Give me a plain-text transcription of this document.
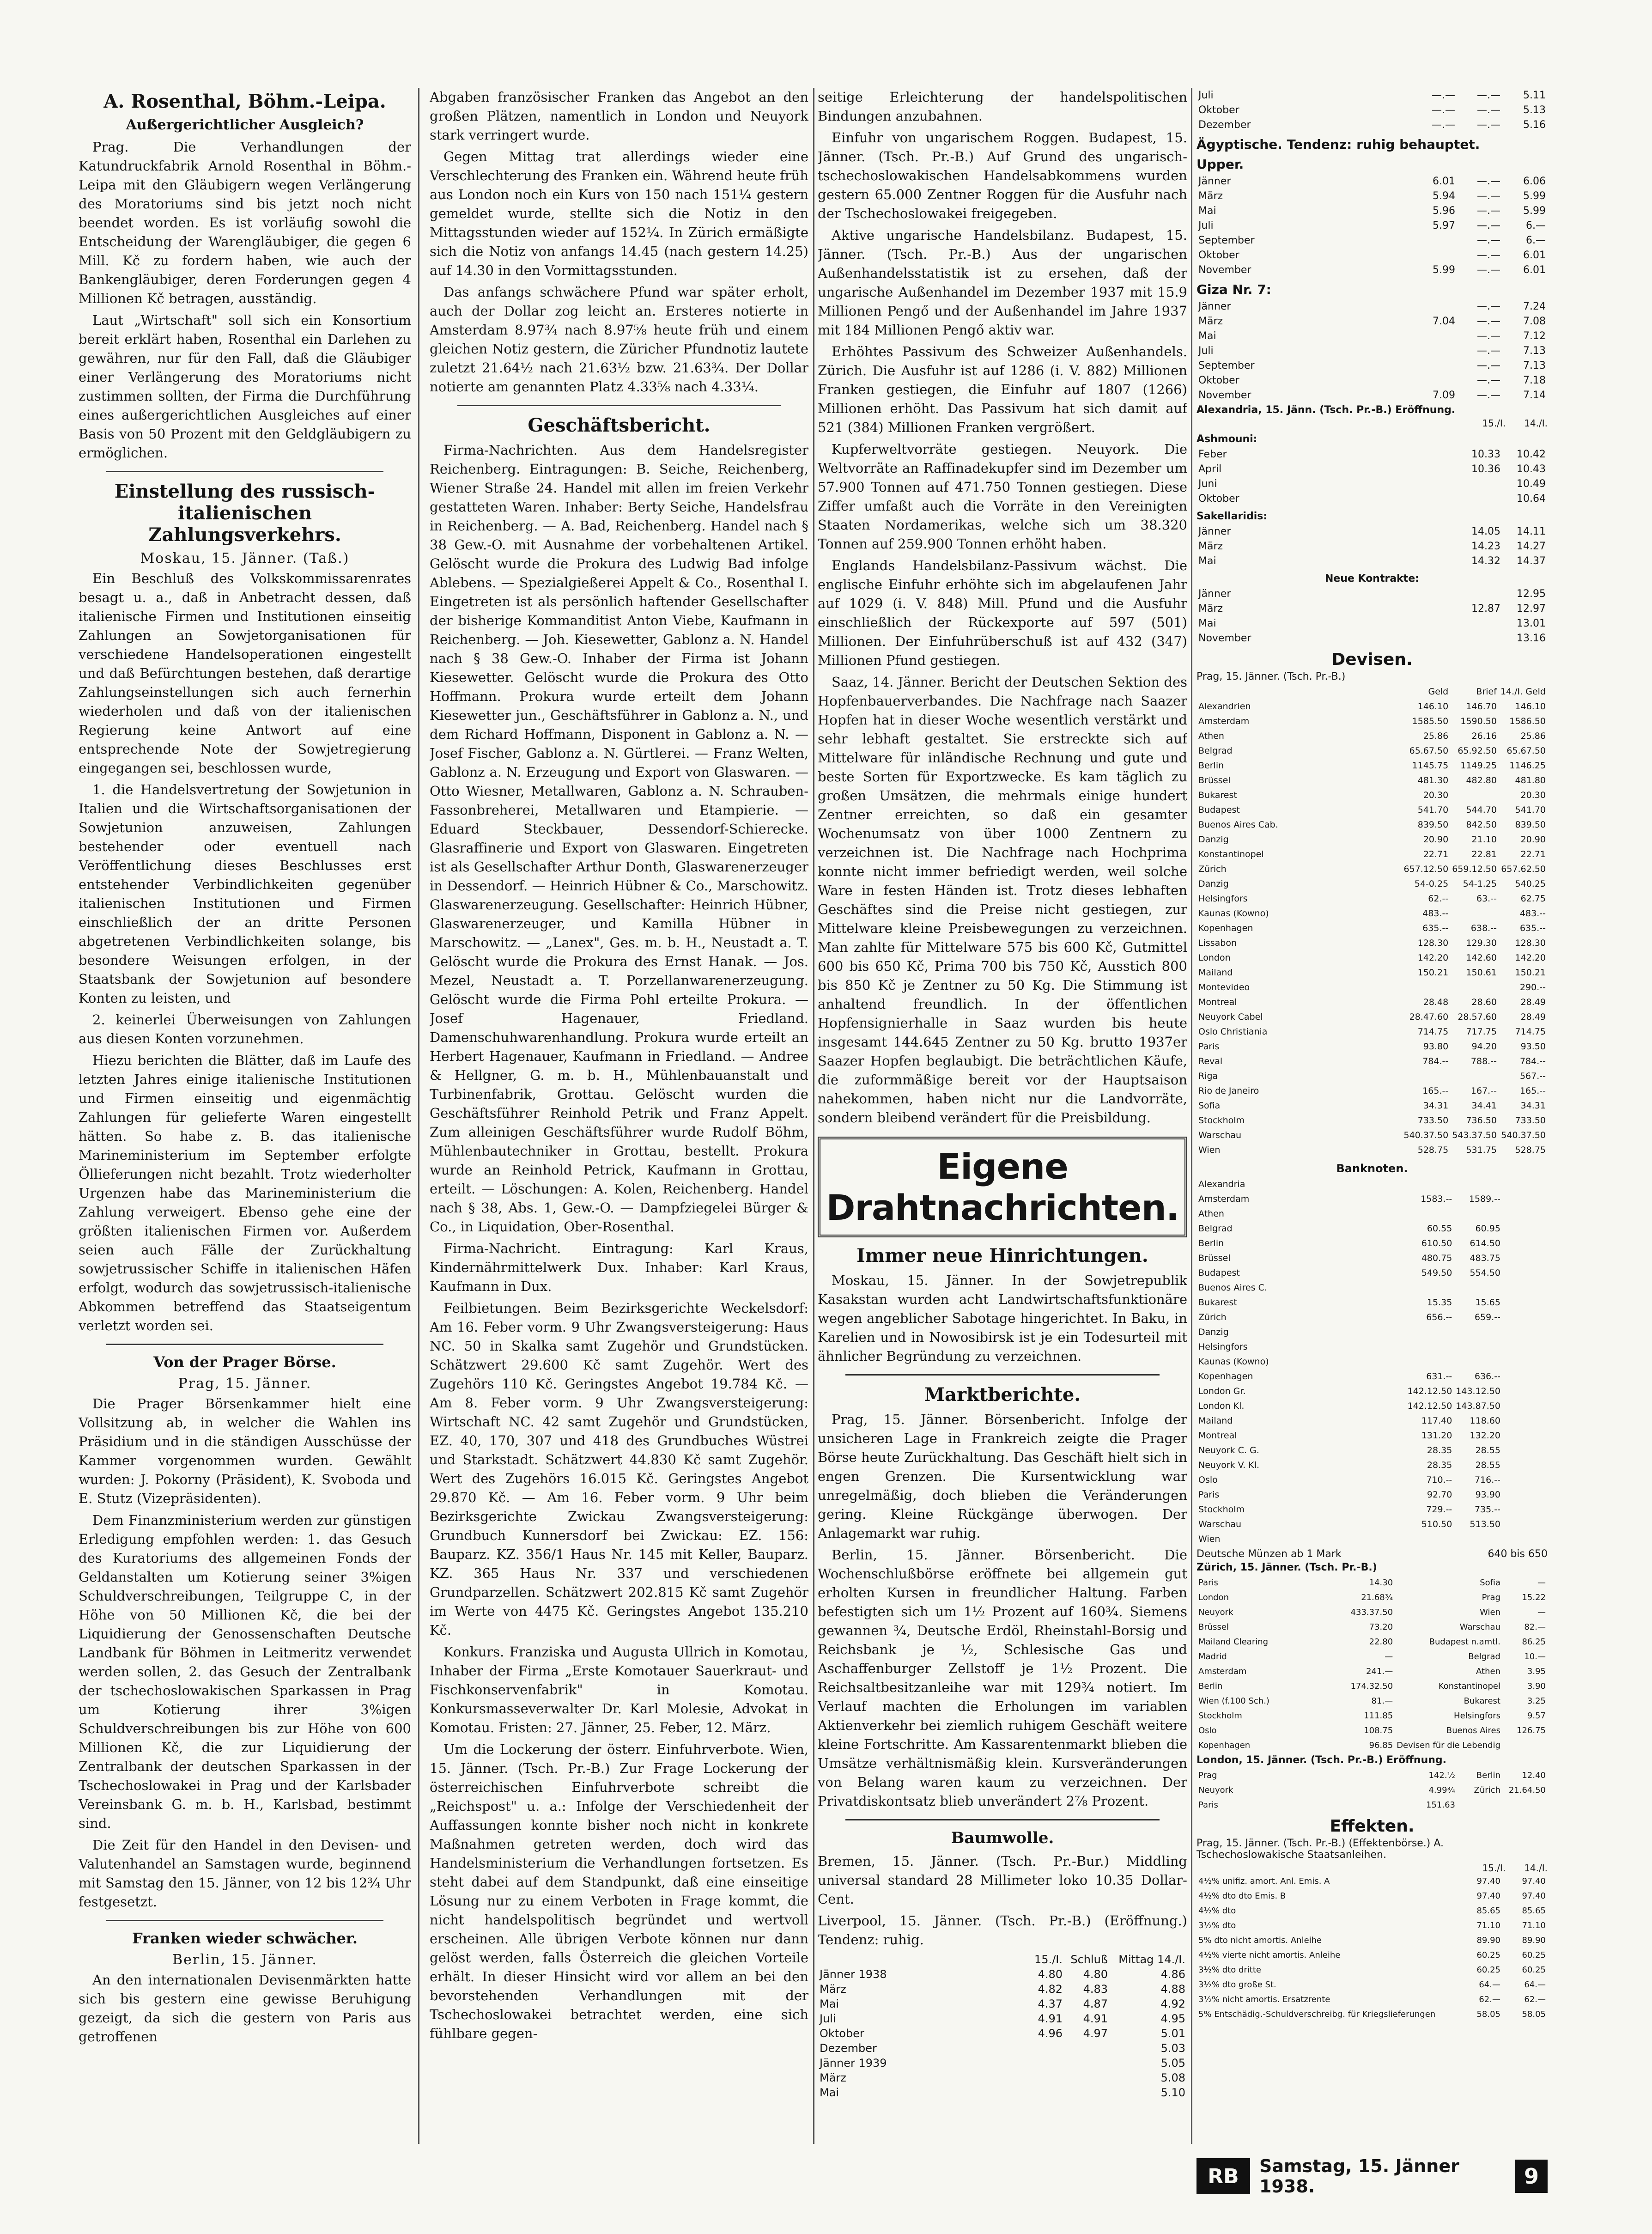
A. Rosenthal, Böhm.-Leipa.
Außergerichtlicher Ausgleich?

Prag. Die Verhandlungen der Katundruckfabrik Arnold Rosenthal in Böhm.-Leipa mit den Gläubigern wegen Verlängerung des Moratoriums sind bis jetzt noch nicht beendet worden. Es ist vorläufig sowohl die Entscheidung der Warengläubiger, die gegen 6 Mill. Kč zu fordern haben, wie auch der Bankengläubiger, deren Forderungen gegen 4 Millionen Kč betragen, ausständig.

Laut „Wirtschaft" soll sich ein Konsortium bereit erklärt haben, Rosenthal ein Darlehen zu gewähren, nur für den Fall, daß die Gläubiger einer Verlängerung des Moratoriums nicht zustimmen sollten, der Firma die Durchführung eines außergerichtlichen Ausgleiches auf einer Basis von 50 Prozent mit den Geldgläubigern zu ermöglichen.

Einstellung des russisch-italienischen Zahlungsverkehrs.
Moskau, 15. Jänner. (Taß.)

Ein Beschluß des Volkskommissarenrates besagt u. a., daß in Anbetracht dessen, daß italienische Firmen und Institutionen einseitig Zahlungen an Sowjetorganisationen für verschiedene Handelsoperationen eingestellt und daß Befürchtungen bestehen, daß derartige Zahlungseinstellungen sich auch fernerhin wiederholen und daß von der italienischen Regierung keine Antwort auf eine entsprechende Note der Sowjetregierung eingegangen sei, beschlossen wurde,

1. die Handelsvertretung der Sowjetunion in Italien und die Wirtschaftsorganisationen der Sowjetunion anzuweisen, Zahlungen bestehender oder eventuell nach Veröffentlichung dieses Beschlusses erst entstehender Verbindlichkeiten gegenüber italienischen Institutionen und Firmen einschließlich der an dritte Personen abgetretenen Verbindlichkeiten solange, bis besondere Weisungen erfolgen, in der Staatsbank der Sowjetunion auf besondere Konten zu leisten, und

2. keinerlei Überweisungen von Zahlungen aus diesen Konten vorzunehmen.

Hiezu berichten die Blätter, daß im Laufe des letzten Jahres einige italienische Institutionen und Firmen einseitig und eigenmächtig Zahlungen für gelieferte Waren eingestellt hätten. So habe z. B. das italienische Marineministerium im September erfolgte Öllieferungen nicht bezahlt. Trotz wiederholter Urgenzen habe das Marineministerium die Zahlung verweigert. Ebenso gehe eine der größten italienischen Firmen vor. Außerdem seien auch Fälle der Zurückhaltung sowjetrussischer Schiffe in italienischen Häfen erfolgt, wodurch das sowjetrussisch-italienische Abkommen betreffend das Staatseigentum verletzt worden sei.

Von der Prager Börse.
Prag, 15. Jänner.

Die Prager Börsenkammer hielt eine Vollsitzung ab, in welcher die Wahlen ins Präsidium und in die ständigen Ausschüsse der Kammer vorgenommen wurden. Gewählt wurden: J. Pokorny (Präsident), K. Svoboda und E. Stutz (Vizepräsidenten).

Dem Finanzministerium werden zur günstigen Erledigung empfohlen werden: 1. das Gesuch des Kuratoriums des allgemeinen Fonds der Geldanstalten um Kotierung seiner 3%igen Schuldverschreibungen, Teilgruppe C, in der Höhe von 50 Millionen Kč, die bei der Liquidierung der Genossenschaften Deutsche Landbank für Böhmen in Leitmeritz verwendet werden sollen, 2. das Gesuch der Zentralbank der tschechoslowakischen Sparkassen in Prag um Kotierung ihrer 3%igen Schuldverschreibungen bis zur Höhe von 600 Millionen Kč, die zur Liquidierung der Zentralbank der deutschen Sparkassen in der Tschechoslowakei in Prag und der Karlsbader Vereinsbank G. m. b. H., Karlsbad, bestimmt sind.

Die Zeit für den Handel in den Devisen- und Valutenhandel an Samstagen wurde, beginnend mit Samstag den 15. Jänner, von 12 bis 12¾ Uhr festgesetzt.

Franken wieder schwächer.
Berlin, 15. Jänner.

An den internationalen Devisenmärkten hatte sich bis gestern eine gewisse Beruhigung gezeigt, da sich die gestern von Paris aus getroffenen

Abgaben französischer Franken das Angebot an den großen Plätzen, namentlich in London und Neuyork stark verringert wurde.

Gegen Mittag trat allerdings wieder eine Verschlechterung des Franken ein. Während heute früh aus London noch ein Kurs von 150 nach 151¼ gestern gemeldet wurde, stellte sich die Notiz in den Mittagsstunden wieder auf 152¼. In Zürich ermäßigte sich die Notiz von anfangs 14.45 (nach gestern 14.25) auf 14.30 in den Vormittagsstunden.

Das anfangs schwächere Pfund war später erholt, auch der Dollar zog leicht an. Ersteres notierte in Amsterdam 8.97¾ nach 8.97⅝ heute früh und einem gleichen Notiz gestern, die Züricher Pfundnotiz lautete zuletzt 21.64½ nach 21.63½ bzw. 21.63¾. Der Dollar notierte am genannten Platz 4.33⅝ nach 4.33¼.

Geschäftsbericht.

Firma-Nachrichten. Aus dem Handelsregister Reichenberg. Eintragungen: B. Seiche, Reichenberg, Wiener Straße 24. Handel mit allen im freien Verkehr gestatteten Waren. Inhaber: Berty Seiche, Handelsfrau in Reichenberg. — A. Bad, Reichenberg. Handel nach § 38 Gew.-O. mit Ausnahme der vorbehaltenen Artikel. Gelöscht wurde die Prokura des Ludwig Bad infolge Ablebens. — Spezialgießerei Appelt & Co., Rosenthal I. Eingetreten ist als persönlich haftender Gesellschafter der bisherige Kommanditist Anton Viebe, Kaufmann in Reichenberg. — Joh. Kiesewetter, Gablonz a. N. Handel nach § 38 Gew.-O. Inhaber der Firma ist Johann Kiesewetter. Gelöscht wurde die Prokura des Otto Hoffmann. Prokura wurde erteilt dem Johann Kiesewetter jun., Geschäftsführer in Gablonz a. N., und dem Richard Hoffmann, Disponent in Gablonz a. N. — Josef Fischer, Gablonz a. N. Gürtlerei. — Franz Welten, Gablonz a. N. Erzeugung und Export von Glaswaren. — Otto Wiesner, Metallwaren, Gablonz a. N. Schrauben-Fassonbreherei, Metallwaren und Etampierie. — Eduard Steckbauer, Dessendorf-Schierecke. Glasraffinerie und Export von Glaswaren. Eingetreten ist als Gesellschafter Arthur Donth, Glaswarenerzeuger in Dessendorf. — Heinrich Hübner & Co., Marschowitz. Glaswarenerzeugung. Gesellschafter: Heinrich Hübner, Glaswarenerzeuger, und Kamilla Hübner in Marschowitz. — „Lanex", Ges. m. b. H., Neustadt a. T. Gelöscht wurde die Prokura des Ernst Hanak. — Jos. Mezel, Neustadt a. T. Porzellanwarenerzeugung. Gelöscht wurde die Firma Pohl erteilte Prokura. — Josef Hagenauer, Friedland. Damenschuhwarenhandlung. Prokura wurde erteilt an Herbert Hagenauer, Kaufmann in Friedland. — Andree & Hellgner, G. m. b. H., Mühlenbauanstalt und Turbinenfabrik, Grottau. Gelöscht wurden die Geschäftsführer Reinhold Petrik und Franz Appelt. Zum alleinigen Geschäftsführer wurde Rudolf Böhm, Mühlenbautechniker in Grottau, bestellt. Prokura wurde an Reinhold Petrick, Kaufmann in Grottau, erteilt. — Löschungen: A. Kolen, Reichenberg. Handel nach § 38, Abs. 1, Gew.-O. — Dampfziegelei Bürger & Co., in Liquidation, Ober-Rosenthal.

Firma-Nachricht. Eintragung: Karl Kraus, Kindernährmittelwerk Dux. Inhaber: Karl Kraus, Kaufmann in Dux.

Feilbietungen. Beim Bezirksgerichte Weckelsdorf: Am 16. Feber vorm. 9 Uhr Zwangsversteigerung: Haus NC. 50 in Skalka samt Zugehör und Grundstücken. Schätzwert 29.600 Kč samt Zugehör. Wert des Zugehörs 110 Kč. Geringstes Angebot 19.784 Kč. — Am 8. Feber vorm. 9 Uhr Zwangsversteigerung: Wirtschaft NC. 42 samt Zugehör und Grundstücken, EZ. 40, 170, 307 und 418 des Grundbuches Wüstrei und Starkstadt. Schätzwert 44.830 Kč samt Zugehör. Wert des Zugehörs 16.015 Kč. Geringstes Angebot 29.870 Kč. — Am 16. Feber vorm. 9 Uhr beim Bezirksgerichte Zwickau Zwangsversteigerung: Grundbuch Kunnersdorf bei Zwickau: EZ. 156: Bauparz. KZ. 356/1 Haus Nr. 145 mit Keller, Bauparz. KZ. 365 Haus Nr. 337 und verschiedenen Grundparzellen. Schätzwert 202.815 Kč samt Zugehör im Werte von 4475 Kč. Geringstes Angebot 135.210 Kč.

Konkurs. Franziska und Augusta Ullrich in Komotau, Inhaber der Firma „Erste Komotauer Sauerkraut- und Fischkonservenfabrik" in Komotau. Konkursmasseverwalter Dr. Karl Molesie, Advokat in Komotau. Fristen: 27. Jänner, 25. Feber, 12. März.

Um die Lockerung der österr. Einfuhrverbote. Wien, 15. Jänner. (Tsch. Pr.-B.) Zur Frage Lockerung der österreichischen Einfuhrverbote schreibt die „Reichspost" u. a.: Infolge der Verschiedenheit der Auffassungen konnte bisher noch nicht in konkrete Maßnahmen getreten werden, doch wird das Handelsministerium die Verhandlungen fortsetzen. Es steht dabei auf dem Standpunkt, daß eine einseitige Lösung nur zu einem Verboten in Frage kommt, die nicht handelspolitisch begründet und wertvoll erscheinen. Alle übrigen Verbote können nur dann gelöst werden, falls Österreich die gleichen Vorteile erhält. In dieser Hinsicht wird vor allem an bei den bevorstehenden Verhandlungen mit der Tschechoslowakei betrachtet werden, eine sich fühlbare gegen-

seitige Erleichterung der handelspolitischen Bindungen anzubahnen.

Einfuhr von ungarischem Roggen. Budapest, 15. Jänner. (Tsch. Pr.-B.) Auf Grund des ungarisch-tschechoslowakischen Handelsabkommens wurden gestern 65.000 Zentner Roggen für die Ausfuhr nach der Tschechoslowakei freigegeben.

Aktive ungarische Handelsbilanz. Budapest, 15. Jänner. (Tsch. Pr.-B.) Aus der ungarischen Außenhandelsstatistik ist zu ersehen, daß der ungarische Außenhandel im Dezember 1937 mit 15.9 Millionen Pengő und der Außenhandel im Jahre 1937 mit 184 Millionen Pengő aktiv war.

Erhöhtes Passivum des Schweizer Außenhandels. Zürich. Die Ausfuhr ist auf 1286 (i. V. 882) Millionen Franken gestiegen, die Einfuhr auf 1807 (1266) Millionen erhöht. Das Passivum hat sich damit auf 521 (384) Millionen Franken vergrößert.

Kupferweltvorräte gestiegen. Neuyork. Die Weltvorräte an Raffinadekupfer sind im Dezember um 57.900 Tonnen auf 471.750 Tonnen gestiegen. Diese Ziffer umfaßt auch die Vorräte in den Vereinigten Staaten Nordamerikas, welche sich um 38.320 Tonnen auf 259.900 Tonnen erhöht haben.

Englands Handelsbilanz-Passivum wächst. Die englische Einfuhr erhöhte sich im abgelaufenen Jahr auf 1029 (i. V. 848) Mill. Pfund und die Ausfuhr einschließlich der Rückexporte auf 597 (501) Millionen. Der Einfuhrüberschuß ist auf 432 (347) Millionen Pfund gestiegen.

Saaz, 14. Jänner. Bericht der Deutschen Sektion des Hopfenbauerverbandes. Die Nachfrage nach Saazer Hopfen hat in dieser Woche wesentlich verstärkt und sehr lebhaft gestaltet. Sie erstreckte sich auf Mittelware für inländische Rechnung und gute und beste Sorten für Exportzwecke. Es kam täglich zu großen Umsätzen, die mehrmals einige hundert Zentner erreichten, so daß ein gesamter Wochenumsatz von über 1000 Zentnern zu verzeichnen ist. Die Nachfrage nach Hochprima konnte nicht immer befriedigt werden, weil solche Ware in festen Händen ist. Trotz dieses lebhaften Geschäftes sind die Preise nicht gestiegen, zur Mittelware kleine Preisbewegungen zu verzeichnen. Man zahlte für Mittelware 575 bis 600 Kč, Gutmittel 600 bis 650 Kč, Prima 700 bis 750 Kč, Ausstich 800 bis 850 Kč je Zentner zu 50 Kg. Die Stimmung ist anhaltend freundlich. In der öffentlichen Hopfensignierhalle in Saaz wurden bis heute insgesamt 144.645 Zentner zu 50 Kg. brutto 1937er Saazer Hopfen beglaubigt. Die beträchtlichen Käufe, die zuformmäßige bereit vor der Hauptsaison nahekommen, haben nicht nur die Landvorräte, sondern bleibend verändert für die Preisbildung.

Eigene Drahtnachrichten.
Immer neue Hinrichtungen.

Moskau, 15. Jänner. In der Sowjetrepublik Kasakstan wurden acht Landwirtschaftsfunktionäre wegen angeblicher Sabotage hingerichtet. In Baku, in Karelien und in Nowosibirsk ist je ein Todesurteil mit ähnlicher Begründung zu verzeichnen.

Marktberichte.

Prag, 15. Jänner. Börsenbericht. Infolge der unsicheren Lage in Frankreich zeigte die Prager Börse heute Zurückhaltung. Das Geschäft hielt sich in engen Grenzen. Die Kursentwicklung war unregelmäßig, doch blieben die Veränderungen gering. Kleine Rückgänge überwogen. Der Anlagemarkt war ruhig.

Berlin, 15. Jänner. Börsenbericht. Die Wochenschlußbörse eröffnete bei allgemein gut erholten Kursen in freundlicher Haltung. Farben befestigten sich um 1½ Prozent auf 160¾. Siemens gewannen ¾, Deutsche Erdöl, Rheinstahl-Borsig und Reichsbank je ½, Schlesische Gas und Aschaffenburger Zellstoff je 1½ Prozent. Die Reichsaltbesitzanleihe war mit 129¾ notiert. Im Verlauf machten die Erholungen im variablen Aktienverkehr bei ziemlich ruhigem Geschäft weitere kleine Fortschritte. Am Kassarentenmarkt blieben die Umsätze verhältnismäßig klein. Kursveränderungen von Belang waren kaum zu verzeichnen. Der Privatdiskontsatz blieb unverändert 2⅞ Prozent.

Baumwolle.

Bremen, 15. Jänner. (Tsch. Pr.-Bur.) Middling universal standard 28 Millimeter loko 10.35 Dollar-Cent.

Liverpool, 15. Jänner. (Tsch. Pr.-B.) (Eröffnung.) Tendenz: ruhig.

	15./I.	Schluß	Mittag 14./I.
Jänner 1938	4.80	4.80	4.86
März	4.82	4.83	4.88
Mai	4.37	4.87	4.92
Juli	4.91	4.91	4.95
Oktober	4.96	4.97	5.01
Dezember			5.03
Jänner 1939			5.05
März			5.08
Mai			5.10
Juli	—.—	—.—	5.11
Oktober	—.—	—.—	5.13
Dezember	—.—	—.—	5.16
Ägyptische. Tendenz: ruhig behauptet.
Upper.
Jänner	6.01	—.—	6.06
März	5.94	—.—	5.99
Mai	5.96	—.—	5.99
Juli	5.97	—.—	6.—
September		—.—	6.—
Oktober		—.—	6.01
November	5.99	—.—	6.01
Giza Nr. 7:
Jänner		—.—	7.24
März	7.04	—.—	7.08
Mai		—.—	7.12
Juli		—.—	7.13
September		—.—	7.13
Oktober		—.—	7.18
November	7.09	—.—	7.14
Alexandria, 15. Jänn. (Tsch. Pr.-B.) Eröffnung.
15./I. 14./I.
Ashmouni:
Feber	10.33	10.42
April	10.36	10.43
Juni		10.49
Oktober		10.64
Sakellaridis:
Jänner	14.05	14.11
März	14.23	14.27
Mai	14.32	14.37
Neue Kontrakte:
Jänner		12.95
März	12.87	12.97
Mai		13.01
November		13.16
Devisen.
Prag, 15. Jänner. (Tsch. Pr.-B.)
	Geld	Brief	14./I. Geld
Alexandrien	146.10	146.70	146.10
Amsterdam	1585.50	1590.50	1586.50
Athen	25.86	26.16	25.86
Belgrad	65.67.50	65.92.50	65.67.50
Berlin	1145.75	1149.25	1146.25
Brüssel	481.30	482.80	481.80
Bukarest	20.30		20.30
Budapest	541.70	544.70	541.70
Buenos Aires Cab.	839.50	842.50	839.50
Danzig	20.90	21.10	20.90
Konstantinopel	22.71	22.81	22.71
Zürich	657.12.50	659.12.50	657.62.50
Danzig	54-0.25	54-1.25	540.25
Helsingfors	62.--	63.--	62.75
Kaunas (Kowno)	483.--		483.--
Kopenhagen	635.--	638.--	635.--
Lissabon	128.30	129.30	128.30
London	142.20	142.60	142.20
Mailand	150.21	150.61	150.21
Montevideo			290.--
Montreal	28.48	28.60	28.49
Neuyork Cabel	28.47.60	28.57.60	28.49
Oslo Christiania	714.75	717.75	714.75
Paris	93.80	94.20	93.50
Reval	784.--	788.--	784.--
Riga			567.--
Rio de Janeiro	165.--	167.--	165.--
Sofia	34.31	34.41	34.31
Stockholm	733.50	736.50	733.50
Warschau	540.37.50	543.37.50	540.37.50
Wien	528.75	531.75	528.75
Banknoten.
Alexandria			
Amsterdam	1583.--	1589.--	
Athen			
Belgrad	60.55	60.95	
Berlin	610.50	614.50	
Brüssel	480.75	483.75	
Budapest	549.50	554.50	
Buenos Aires C.			
Bukarest	15.35	15.65	
Zürich	656.--	659.--	
Danzig			
Helsingfors			
Kaunas (Kowno)			
Kopenhagen	631.--	636.--	
London Gr.	142.12.50	143.12.50	
London Kl.	142.12.50	143.87.50	
Mailand	117.40	118.60	
Montreal	131.20	132.20	
Neuyork C. G.	28.35	28.55	
Neuyork V. Kl.	28.35	28.55	
Oslo	710.--	716.--	
Paris	92.70	93.90	
Stockholm	729.--	735.--	
Warschau	510.50	513.50	
Wien			
Deutsche Münzen ab 1 Mark	640 bis 650
Zürich, 15. Jänner. (Tsch. Pr.-B.)
Paris	14.30	Sofia	—
London	21.68¾	Prag	15.22
Neuyork	433.37.50	Wien	—
Brüssel	73.20	Warschau	82.—
Mailand Clearing	22.80	Budapest n.amtl.	86.25
Madrid	—	Belgrad	10.—
Amsterdam	241.—	Athen	3.95
Berlin	174.32.50	Konstantinopel	3.90
Wien (f.100 Sch.)	81.—	Bukarest	3.25
Stockholm	111.85	Helsingfors	9.57
Oslo	108.75	Buenos Aires	126.75
Kopenhagen	96.85	Devisen für die Lebendig	
London, 15. Jänner. (Tsch. Pr.-B.) Eröffnung.
Prag	142.½	Berlin	12.40
Neuyork	4.99¾	Zürich	21.64.50
Paris	151.63		
Effekten.
Prag, 15. Jänner. (Tsch. Pr.-B.) (Effektenbörse.) A. Tschechoslowakische Staatsanleihen.
15./I. 14./I.
4½% unifiz. amort. Anl. Emis. A	97.40	97.40
4½% dto dto Emis. B	97.40	97.40
4½% dto	85.65	85.65
3½% dto	71.10	71.10
5% dto nicht amortis. Anleihe	89.90	89.90
4½% vierte nicht amortis. Anleihe	60.25	60.25
3½% dto dritte	60.25	60.25
3½% dto große St.	64.—	64.—
3½% nicht amortis. Ersatzrente	62.—	62.—
5% Entschädig.-Schuldverschreibg. für Kriegslieferungen	58.05	58.05
RB	Samstag, 15. Jänner 1938.	9
